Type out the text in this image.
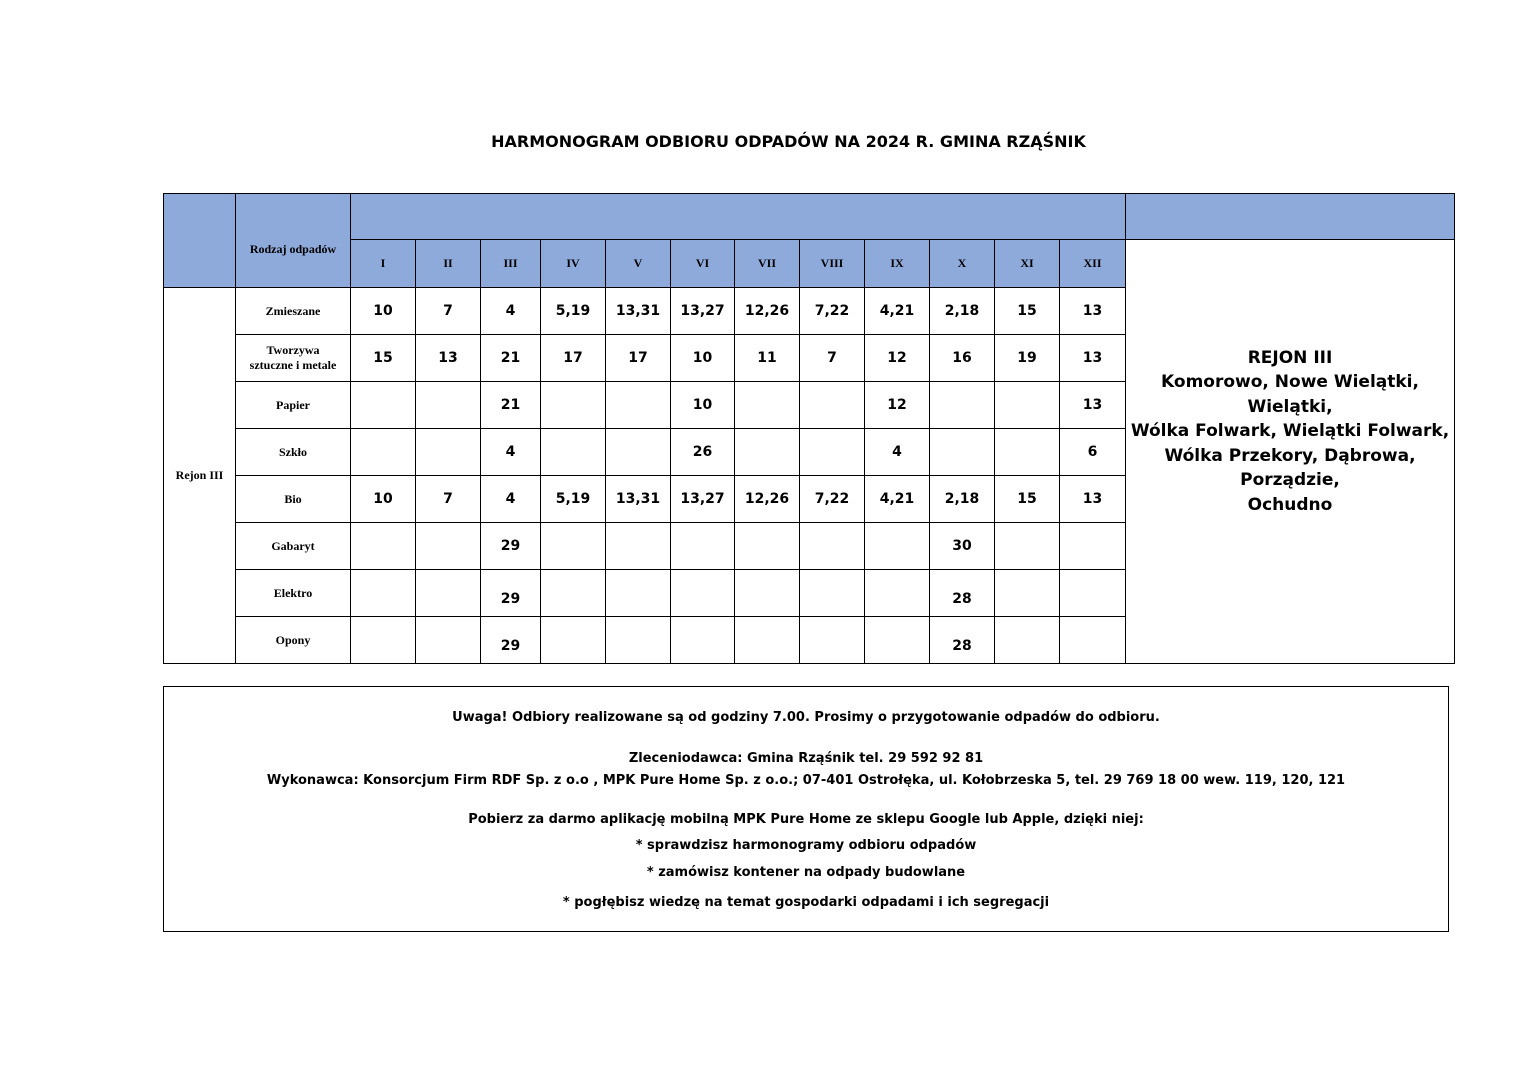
HARMONOGRAM ODBIORU ODPADÓW NA 2024 R. GMINA RZĄŚNIK
	Rodzaj odpadów													
		I	II	III	IV	V	VI	VII	VIII	IX	X	XI	XII	REJON III
Komorowo, Nowe Wielątki, Wielątki,
Wólka Folwark, Wielątki Folwark,
Wólka Przekory, Dąbrowa, Porządzie,
Ochudno

Rejon III	Zmieszane	10	7	4	5,19	13,31	13,27	12,26	7,22	4,21	2,18	15	13	
	Tworzywa
sztuczne i metale	15	13	21	17	17	10	11	7	12	16	19	13	
	Papier			21			10			12			13	
	Szkło			4			26			4			6	
	Bio	10	7	4	5,19	13,31	13,27	12,26	7,22	4,21	2,18	15	13	
	Gabaryt			29							30			
	Elektro			29							28			
	Opony			29							28			
Uwaga! Odbiory realizowane są od godziny 7.00. Prosimy o przygotowanie odpadów do odbioru.
Zleceniodawca: Gmina Rząśnik tel. 29 592 92 81
Wykonawca: Konsorcjum Firm RDF Sp. z o.o , MPK Pure Home Sp. z o.o.; 07-401 Ostrołęka, ul. Kołobrzeska 5, tel. 29 769 18 00 wew. 119, 120, 121
Pobierz za darmo aplikację mobilną MPK Pure Home ze sklepu Google lub Apple, dzięki niej:
* sprawdzisz harmonogramy odbioru odpadów
* zamówisz kontener na odpady budowlane
* pogłębisz wiedzę na temat gospodarki odpadami i ich segregacji
